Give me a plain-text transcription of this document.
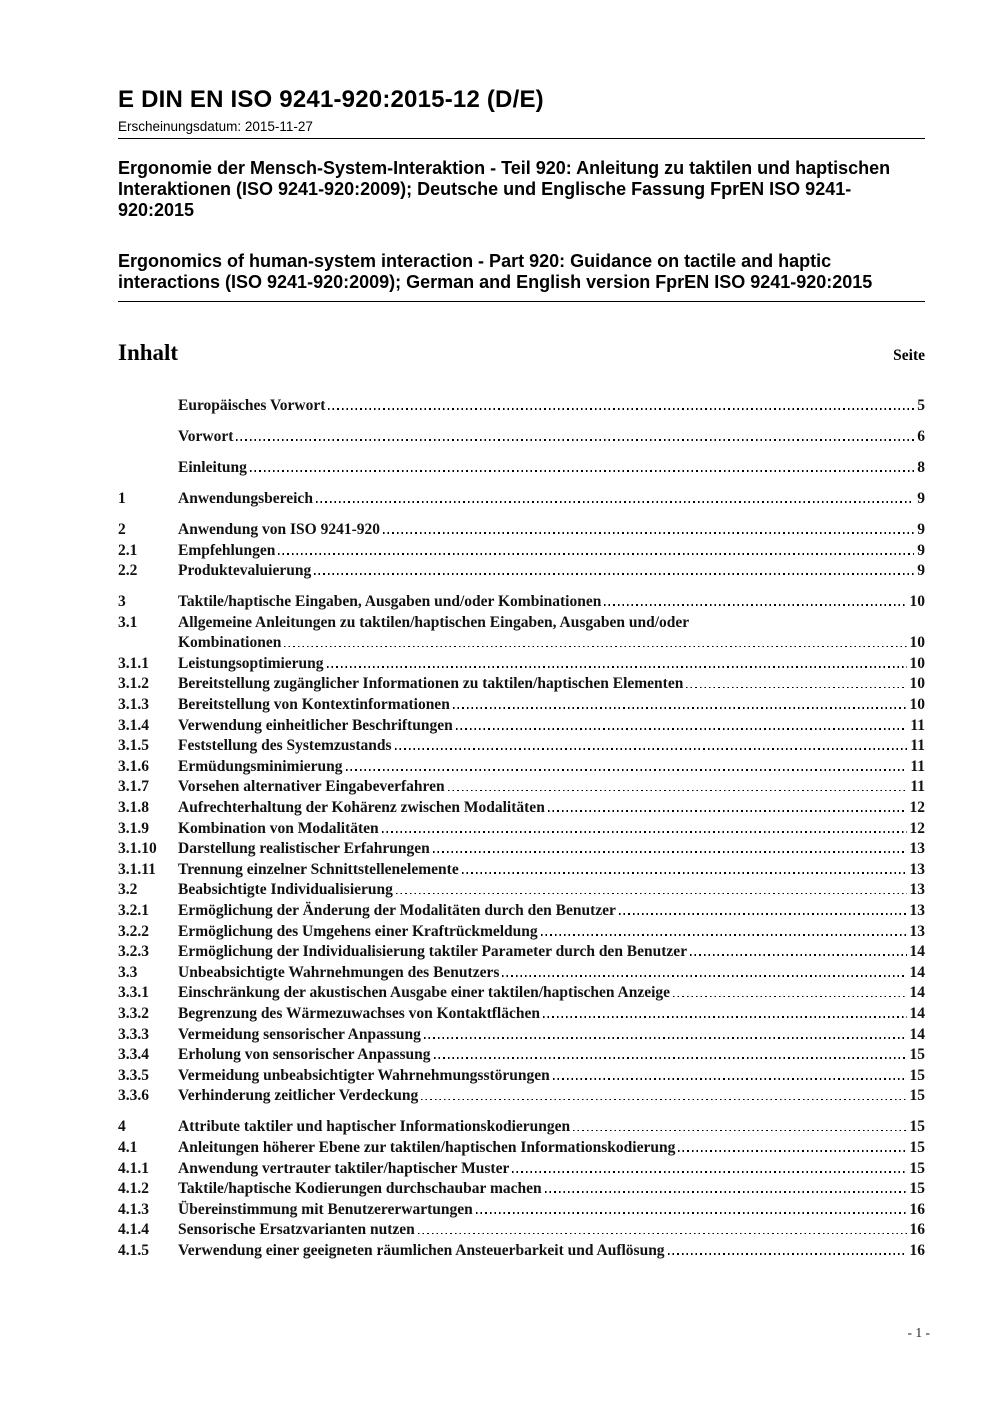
E DIN EN ISO 9241-920:2015-12 (D/E)
Erscheinungsdatum: 2015-11-27
Ergonomie der Mensch-System-Interaktion - Teil 920: Anleitung zu taktilen und haptischen Interaktionen (ISO 9241-920:2009); Deutsche und Englische Fassung FprEN ISO 9241-920:2015
Ergonomics of human-system interaction - Part 920: Guidance on tactile and haptic interactions (ISO 9241-920:2009); German and English version FprEN ISO 9241-920:2015
Inhalt	Seite
Europäisches Vorwort	5
Vorwort	6
Einleitung	8
1	Anwendungsbereich	9
2	Anwendung von ISO 9241-920	9
2.1	Empfehlungen	9
2.2	Produktevaluierung	9
3	Taktile/haptische Eingaben, Ausgaben und/oder Kombinationen	10
3.1	Allgemeine Anleitungen zu taktilen/haptischen Eingaben, Ausgaben und/oder
Kombinationen	10
3.1.1	Leistungsoptimierung	10
3.1.2	Bereitstellung zugänglicher Informationen zu taktilen/haptischen Elementen	10
3.1.3	Bereitstellung von Kontextinformationen	10
3.1.4	Verwendung einheitlicher Beschriftungen	11
3.1.5	Feststellung des Systemzustands	11
3.1.6	Ermüdungsminimierung	11
3.1.7	Vorsehen alternativer Eingabeverfahren	11
3.1.8	Aufrechterhaltung der Kohärenz zwischen Modalitäten	12
3.1.9	Kombination von Modalitäten	12
3.1.10	Darstellung realistischer Erfahrungen	13
3.1.11	Trennung einzelner Schnittstellenelemente	13
3.2	Beabsichtigte Individualisierung	13
3.2.1	Ermöglichung der Änderung der Modalitäten durch den Benutzer	13
3.2.2	Ermöglichung des Umgehens einer Kraftrückmeldung	13
3.2.3	Ermöglichung der Individualisierung taktiler Parameter durch den Benutzer	14
3.3	Unbeabsichtigte Wahrnehmungen des Benutzers	14
3.3.1	Einschränkung der akustischen Ausgabe einer taktilen/haptischen Anzeige	14
3.3.2	Begrenzung des Wärmezuwachses von Kontaktflächen	14
3.3.3	Vermeidung sensorischer Anpassung	14
3.3.4	Erholung von sensorischer Anpassung	15
3.3.5	Vermeidung unbeabsichtigter Wahrnehmungsstörungen	15
3.3.6	Verhinderung zeitlicher Verdeckung	15
4	Attribute taktiler und haptischer Informationskodierungen	15
4.1	Anleitungen höherer Ebene zur taktilen/haptischen Informationskodierung	15
4.1.1	Anwendung vertrauter taktiler/haptischer Muster	15
4.1.2	Taktile/haptische Kodierungen durchschaubar machen	15
4.1.3	Übereinstimmung mit Benutzererwartungen	16
4.1.4	Sensorische Ersatzvarianten nutzen	16
4.1.5	Verwendung einer geeigneten räumlichen Ansteuerbarkeit und Auflösung	16
- 1 -
